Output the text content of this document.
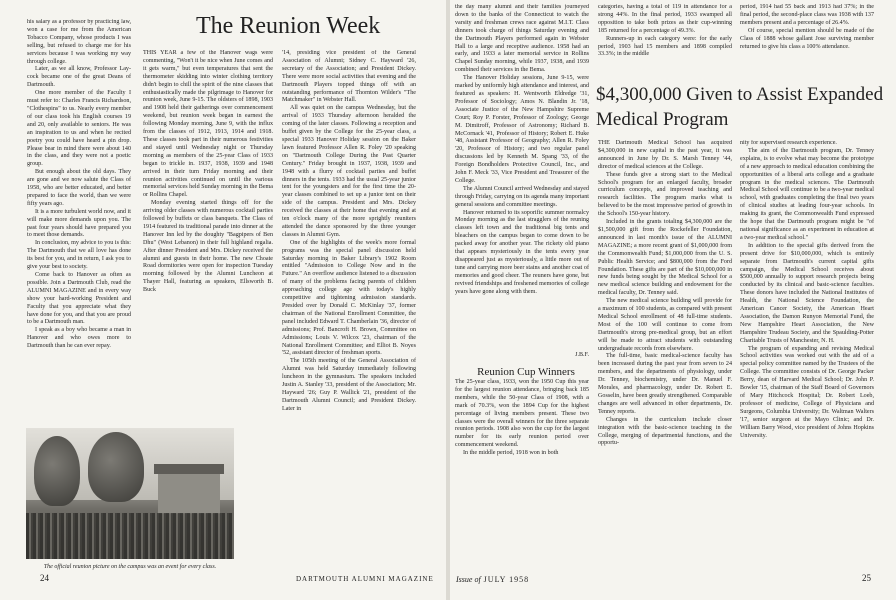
his salary as a professor by practicing law, won a case for me from the American Tobacco Company, whose products I was selling, but refused to charge me for his services because I was working my way through college.

Later, as we all know, Professor Lay-cock became one of the great Deans of Dartmouth.

One more member of the Faculty I must refer to: Charles Francis Richardson, "Clothespins" to us. Nearly every member of our class took his English courses 19 and 20, only available to seniors. He was an inspiration to us and when he recited poetry you could have heard a pin drop. Please bear in mind there were about 140 in the class, and they were not a poetic group.

But enough about the old days. They are gone and we now salute the Class of 1958, who are better educated, and better prepared to face the world, than we were fifty years ago.

It is a more turbulent world now, and it will make more demands upon you. The past four years should have prepared you to meet those demands.

In conclusion, my advice to you is this: The Dartmouth that we all love has done its best for you, and in return, I ask you to give your best to society.

Come back to Hanover as often as possible. Join a Dartmouth Club, read the ALUMNI MAGAZINE and in every way show your hard-working President and Faculty that you appreciate what they have done for you, and that you are proud to be a Dartmouth man.

I speak as a boy who became a man in Hanover and who owes more to Dartmouth than he can ever repay.

The Reunion Week

THIS YEAR a few of the Hanover wags were commenting, "Won't it be nice when June comes and it gets warm," but even temperatures that sent the thermometer skidding into winter clothing territory didn't begin to chill the spirit of the nine classes that enthusiastically made the pilgrimage to Hanover for reunion week, June 9-15. The oldsters of 1898, 1903 and 1908 held their gatherings over commencement weekend, but reunion week began in earnest the following Monday morning, June 9, with the influx from the classes of 1912, 1913, 1914 and 1918. These classes took part in their numerous festivities and stayed until Wednesday night or Thursday morning as members of the 25-year Class of 1933 began to trickle in. 1937, 1938, 1939 and 1948 arrived in their turn Friday morning and their reunion activities continued on until the various memorial services held Sunday morning in the Bema or Rollins Chapel.

Monday evening started things off for the arriving older classes with numerous cocktail parties followed by buffets or class banquets. The Class of 1914 featured its traditional parade into dinner at the Hanover Inn led by the doughty "Bagpipers of Ben Dhu" (West Lebanon) in their full highland regalia. After dinner President and Mrs. Dickey received the alumni and guests in their home. The new Choate Road dormitories were open for inspection Tuesday morning followed by the Alumni Luncheon at Thayer Hall, featuring as speakers, Ellsworth B. Buck

'14, presiding vice president of the General Association of Alumni; Sidney C. Hayward '26, secretary of the Association; and President Dickey. There were more social activities that evening and the Dartmouth Players topped things off with an outstanding performance of Thornton Wilder's "The Matchmaker" in Webster Hall.

All was quiet on the campus Wednesday, but the arrival of 1933 Thursday afternoon heralded the coming of the later classes. Following a reception and buffet given by the College for the 25-year class, a special 1933 Hanover Holiday session on the Baker lawn featured Professor Allen R. Foley '20 speaking on "Dartmouth College During the Past Quarter Century." Friday brought in 1937, 1938, 1939 and 1948 with a flurry of cocktail parties and buffet dinners in the tents. 1933 had the usual 25-year junior tent for the youngsters and for the first time the 20-year classes combined to set up a junior tent on their side of the campus. President and Mrs. Dickey received the classes at their home that evening and at ten o'clock many of the more sprightly reuniters attended the dance sponsored by the three younger classes in Alumni Gym.

One of the highlights of the week's more formal programs was the special panel discussion held Saturday morning in Baker Library's 1902 Room entitled "Admission to College Now and in the Future." An overflow audience listened to a discussion of many of the problems facing parents of children approaching college age with today's highly competitive and tightening admission standards. Presided over by Donald C. McKinlay '37, former chairman of the National Enrollment Committee, the panel included Edward T. Chamberlain '36, director of admissions; Prof. Bancroft H. Brown, Committee on Admissions; Louis V. Wilcox '23, chairman of the National Enrollment Committee; and Elliot B. Noyes '52, assistant director of freshman sports.

The 105th meeting of the General Association of Alumni was held Saturday immediately following luncheon in the gymnasium. The speakers included Justin A. Stanley '33, president of the Association; Mr. Hayward '26; Guy P. Wallick '21, president of the Dartmouth Alumni Council; and President Dickey. Later in

The official reunion picture on the campus was an event for every class.
24	DARTMOUTH ALUMNI MAGAZINE

the day many alumni and their families journeyed down to the banks of the Connecticut to watch the varsity and freshman crews race against M.I.T. Class dinners took charge of things Saturday evening and the Dartmouth Players performed again in Webster Hall to a large and receptive audience. 1958 had an early, and 1933 a later memorial service in Rollins Chapel Sunday morning, while 1937, 1938, and 1939 combined their services in the Bema.

The Hanover Holiday sessions, June 9-15, were marked by uniformly high attendance and interest, and featured as speakers: H. Wentworth Eldredge '31, Professor of Sociology; Amos N. Blandin Jr. '18, Associate Justice of the New Hampshire Supreme Court; Roy P. Forster, Professor of Zoology; George M. Dimitroff, Professor of Astronomy; Richard B. McCornack '41, Professor of History; Robert E. Huke '48, Assistant Professor of Geography; Allen R. Foley '20, Professor of History; and two regular panel discussions led by Kenneth M. Spang '33, of the Foreign Bondholders Protective Council, Inc., and John F. Meck '33, Vice President and Treasurer of the College.

The Alumni Council arrived Wednesday and stayed through Friday, carrying on its agenda many important general sessions and committee meetings.

Hanover returned to its soporific summer normalcy Monday morning as the last stragglers of the reuning classes left town and the traditional big tents and bleachers on the campus began to come down to be packed away for another year. The rickety old piano that appears mysteriously in the tents every year disappeared just as mysteriously, a little more out of tune and carrying more beer stains and another coat of memories and good cheer. The reuners have gone, but revived friendships and freshened memories of college years have gone along with them.

J.B.F.

Reunion Cup Winners

The 25-year class, 1933, won the 1950 Cup this year for the largest reunion attendance, bringing back 185 members, while the 50-year Class of 1908, with a mark of 70.3%, won the 1894 Cup for the highest percentage of living members present. These two classes were the overall winners for the three separate reunion periods. 1908 also won the cup for the largest number for its early reunion period over commencement weekend.

In the middle period, 1918 won in both

categories, having a total of 119 in attendance for a strong 44%. In the final period, 1933 swamped all opposition to take both prizes as their cup-winning 185 returned for a percentage of 49.3%.

Runners-up in each category were: for the early period, 1903 had 15 members and 1898 compiled 33.3%; in the middle

period, 1914 had 55 back and 1913 had 37%; in the final period, the second-place class was 1938 with 137 members present and a percentage of 26.4%.

Of course, special mention should be made of the Class of 1888 whose gallant Jose surviving member returned to give his class a 100% attendance.

$4,300,000 Given to Assist Expanded Medical Program

THE Dartmouth Medical School has acquired $4,300,000 in new capital in the past year, it was announced in June by Dr. S. Marsh Tenney '44, director of medical sciences at the College.

These funds give a strong start to the Medical School's program for an enlarged faculty, broader curriculum concepts, and improved teaching and research facilities. The program marks what is believed to be the most impressive period of growth in the School's 150-year history.

Included in the grants totaling $4,300,000 are the $1,500,000 gift from the Rockefeller Foundation, announced in last month's issue of the ALUMNI MAGAZINE; a more recent grant of $1,000,000 from the Commonwealth Fund; $1,000,000 from the U. S. Public Health Service; and $800,000 from the Ford Foundation. These gifts are part of the $10,000,000 in new funds being sought by the Medical School for a new medical science building and endowment for the medical faculty, Dr. Tenney said.

The new medical science building will provide for a maximum of 100 students, as compared with present Medical School enrollment of 48 full-time students. Most of the 100 will continue to come from Dartmouth's strong pre-medical group, but an effort will be made to attract students with outstanding undergraduate records from elsewhere.

The full-time, basic medical-science faculty has been increased during the past year from seven to 24 members, and the departments of physiology, under Dr. Tenney, biochemistry, under Dr. Manuel F. Morales, and pharmacology, under Dr. Robert E. Gosselin, have been greatly strengthened. Comparable changes are well advanced in other departments, Dr. Tenney reports.

Changes in the curriculum include closer integration with the basic-science teaching in the College, merging of departmental functions, and the opportu-

nity for supervised research experience.

The aim of the Dartmouth program, Dr. Tenney explains, is to evolve what may become the prototype of a new approach to medical education combining the opportunities of a liberal arts college and a graduate program in the medical sciences. The Dartmouth Medical School will continue to be a two-year medical school, with graduates completing the final two years of clinical studies at leading four-year schools. In making its grant, the Commonwealth Fund expressed the hope that the Dartmouth program might be "of national significance as an experiment in education at a two-year medical school."

In addition to the special gifts derived from the present drive for $10,000,000, which is entirely separate from Dartmouth's current capital gifts campaign, the Medical School receives about $500,000 annually to support research projects being conducted by its clinical and basic-science faculties. These donors have included the National Institutes of Health, the National Science Foundation, the American Cancer Society, the American Heart Association, the Damon Runyon Memorial Fund, the New Hampshire Heart Association, the New Hampshire Trudeau Society, and the Spaulding-Potter Charitable Trusts of Manchester, N. H.

The program of expanding and revising Medical School activities was worked out with the aid of a special policy committee named by the Trustees of the College. The committee consists of Dr. George Packer Berry, dean of Harvard Medical School; Dr. John P. Bowler '15, chairman of the Staff Board of Governors of Mary Hitchcock Hospital; Dr. Robert Loeb, professor of medicine, College of Physicians and Surgeons, Columbia University; Dr. Waltman Walters '17, senior surgeon at the Mayo Clinic; and Dr. William Barry Wood, vice president of Johns Hopkins University.

Issue of JULY 1958	25
